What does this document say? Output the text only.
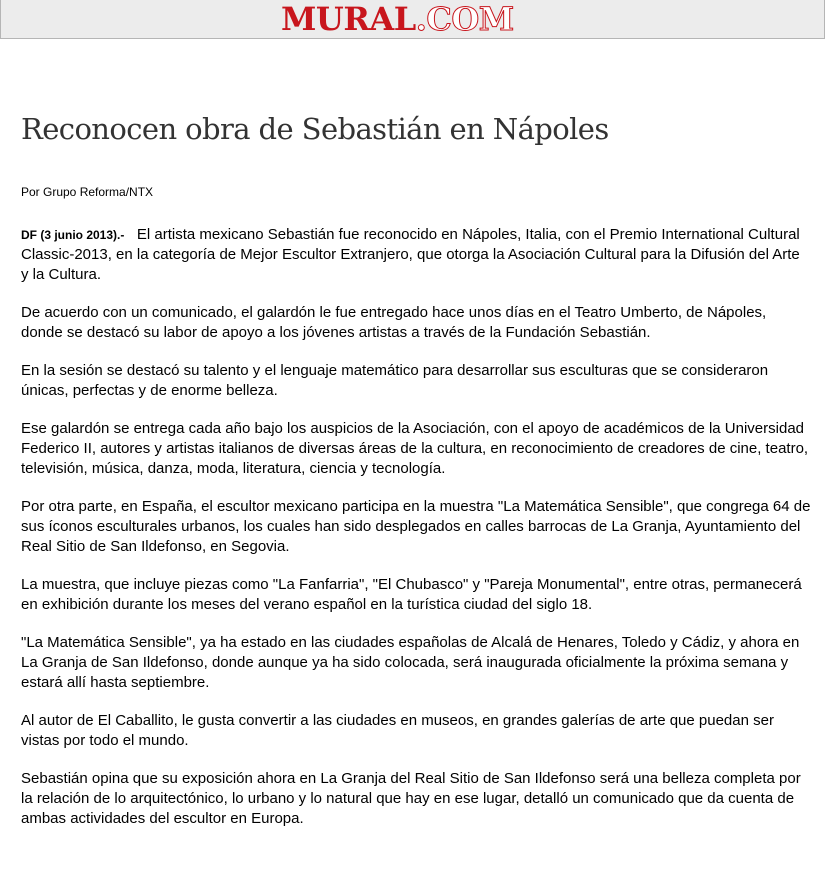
MURAL.COM
Reconocen obra de Sebastián en Nápoles
Por Grupo Reforma/NTX

DF (3 junio 2013).- El artista mexicano Sebastián fue reconocido en Nápoles, Italia, con el Premio International Cultural Classic-2013, en la categoría de Mejor Escultor Extranjero, que otorga la Asociación Cultural para la Difusión del Arte y la Cultura.

De acuerdo con un comunicado, el galardón le fue entregado hace unos días en el Teatro Umberto, de Nápoles, donde se destacó su labor de apoyo a los jóvenes artistas a través de la Fundación Sebastián.

En la sesión se destacó su talento y el lenguaje matemático para desarrollar sus esculturas que se consideraron únicas, perfectas y de enorme belleza.

Ese galardón se entrega cada año bajo los auspicios de la Asociación, con el apoyo de académicos de la Universidad Federico II, autores y artistas italianos de diversas áreas de la cultura, en reconocimiento de creadores de cine, teatro, televisión, música, danza, moda, literatura, ciencia y tecnología.

Por otra parte, en España, el escultor mexicano participa en la muestra "La Matemática Sensible", que congrega 64 de sus íconos esculturales urbanos, los cuales han sido desplegados en calles barrocas de La Granja, Ayuntamiento del Real Sitio de San Ildefonso, en Segovia.

La muestra, que incluye piezas como "La Fanfarria", "El Chubasco" y "Pareja Monumental", entre otras, permanecerá en exhibición durante los meses del verano español en la turística ciudad del siglo 18.

"La Matemática Sensible", ya ha estado en las ciudades españolas de Alcalá de Henares, Toledo y Cádiz, y ahora en La Granja de San Ildefonso, donde aunque ya ha sido colocada, será inaugurada oficialmente la próxima semana y estará allí hasta septiembre.

Al autor de El Caballito, le gusta convertir a las ciudades en museos, en grandes galerías de arte que puedan ser vistas por todo el mundo.

Sebastián opina que su exposición ahora en La Granja del Real Sitio de San Ildefonso será una belleza completa por la relación de lo arquitectónico, lo urbano y lo natural que hay en ese lugar, detalló un comunicado que da cuenta de ambas actividades del escultor en Europa.
